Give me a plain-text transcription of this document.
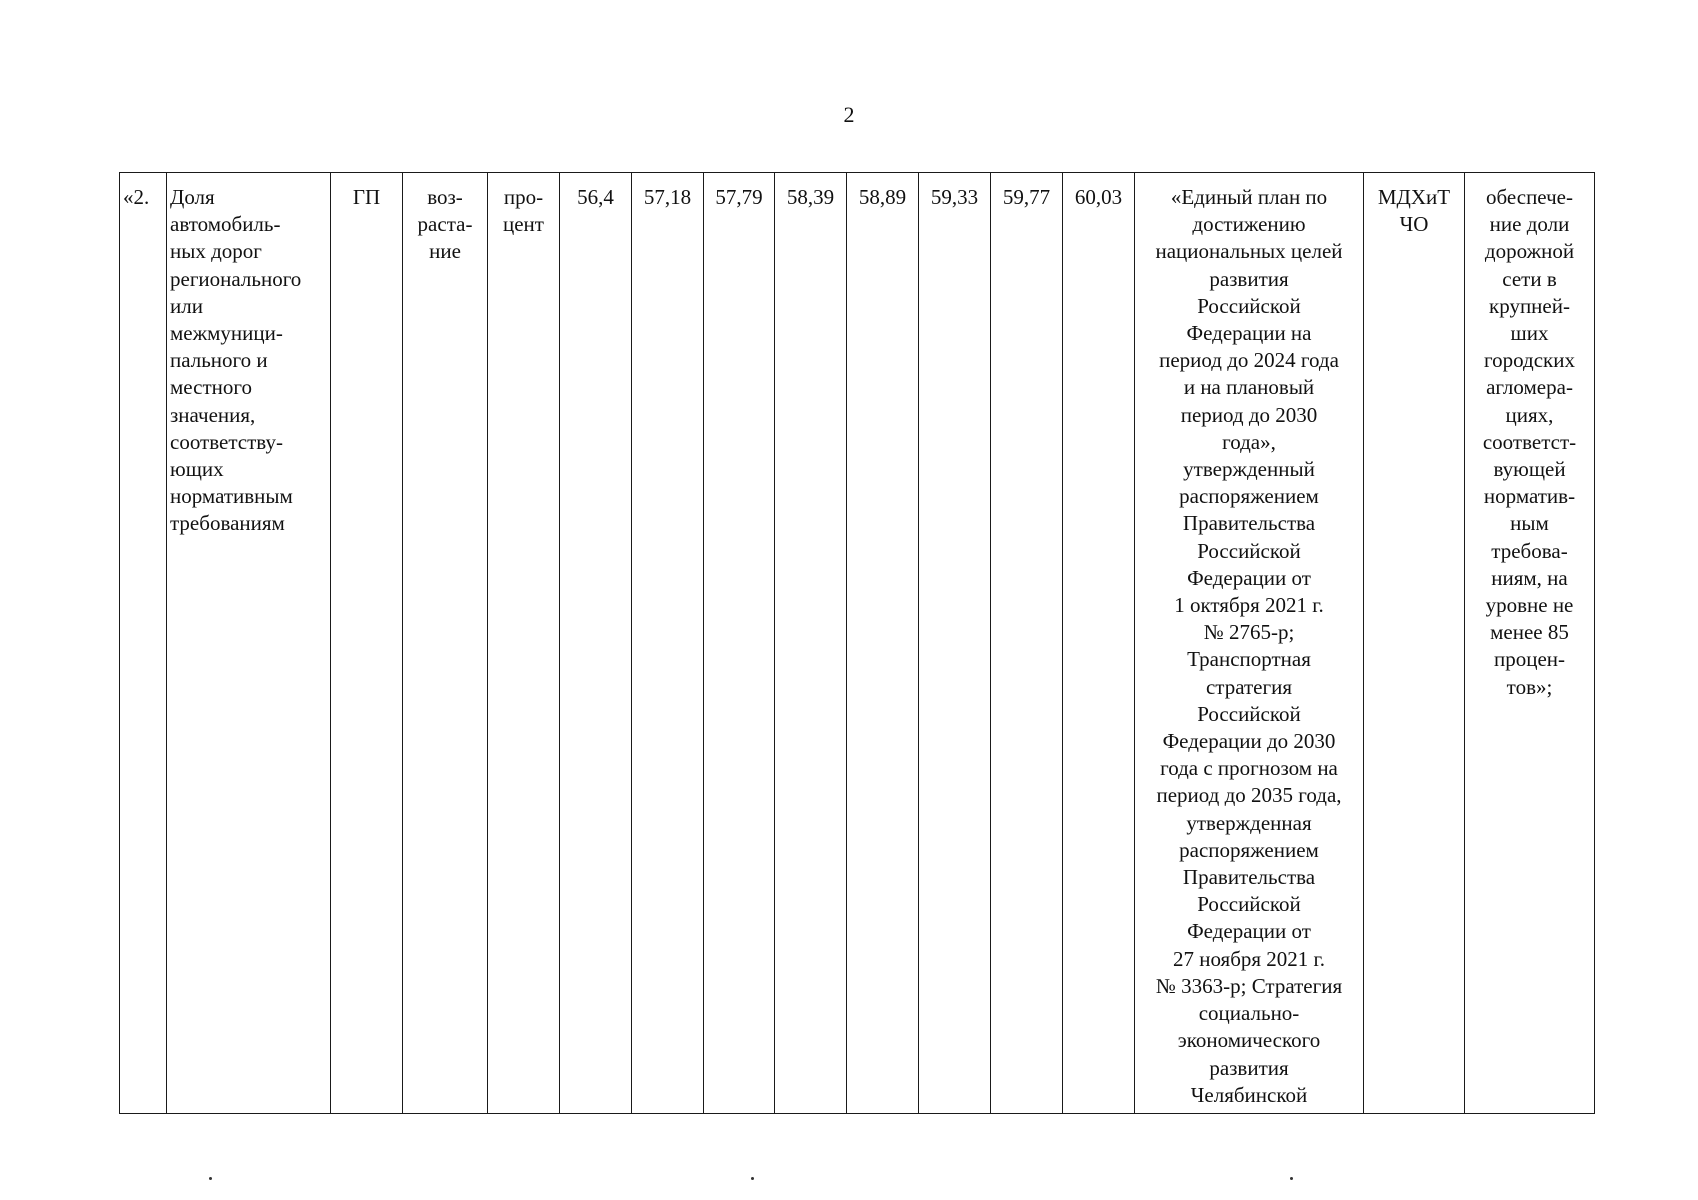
2
«2.	Доля
автомобиль-
ных дорог
регионального
или
межмуници-
пального и
местного
значения,
соответству-
ющих
нормативным
требованиям	ГП	воз-
раста-
ние	про-
цент	56,4	57,18	57,79	58,39	58,89	59,33	59,77	60,03	«Единый план по
достижению
национальных целей
развития
Российской
Федерации на
период до 2024 года
и на плановый
период до 2030
года»,
утвержденный
распоряжением
Правительства
Российской
Федерации от
1 октября 2021 г.
№ 2765-р;
Транспортная
стратегия
Российской
Федерации до 2030
года с прогнозом на
период до 2035 года,
утвержденная
распоряжением
Правительства
Российской
Федерации от
27 ноября 2021 г.
№ 3363-р; Стратегия
социально-
экономического
развития
Челябинской	МДХиТ
ЧО	обеспече-
ние доли
дорожной
сети в
крупней-
ших
городских
агломера-
циях,
соответст-
вующей
норматив-
ным
требова-
ниям, на
уровне не
менее 85
процен-
тов»;
